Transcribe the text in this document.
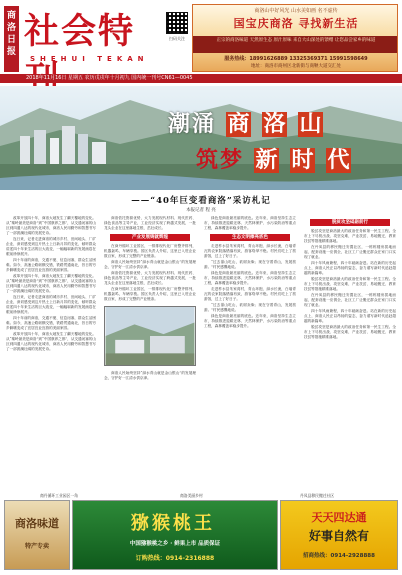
商
洛
日
报 社会特
SHEHUI TEKAN
扫码关注
商洛山中好风光 山水美如画 名不虚传
国宝庆商洛 寻找新生活
正宗的商洛味道 天然原生态 原汁原味 来自大山深处的馈赠 让您品尝家乡的味道
服务热线：18991626889 13325369371 15991598649
地址：商洛市商州区北新街与商鞅大道交汇处
2018年11月16日 星期五 农历戊戌年十月初九 国内统一刊号CN61—0045
潮 涌 商 洛 山
筑 梦 新 时 代
——“40年巨变看商洛”采访札记
本报记者 程 亮

改革开放四十年，商洛大地发生了翻天覆地的变化。从“秦岭最美是商洛”到“中国康养之都”，从交通闭塞的山区到四通八达的现代化城市，商洛人民用勤劳和智慧书写了一部波澜壮阔的发展史诗。

连日来，记者走进商洛的城市乡村、田间地头、厂矿企业，深切感受到这片热土上日新月异的变化，倾听群众讲述四十年来生活的巨大改变，一幅幅崭新的发展画卷在眼前徐徐展开。

四十年前的商洛，交通不便、信息闭塞，群众生活困难。如今，高速公路纵横交错，铁路贯通南北，昔日的穷乡僻壤变成了宜居宜业宜游的美丽家园。

改革开放四十年，商洛大地发生了翻天覆地的变化。从“秦岭最美是商洛”到“中国康养之都”，从交通闭塞的山区到四通八达的现代化城市，商洛人民用勤劳和智慧书写了一部波澜壮阔的发展史诗。

连日来，记者走进商洛的城市乡村、田间地头、厂矿企业，深切感受到这片热土上日新月异的变化，倾听群众讲述四十年来生活的巨大改变，一幅幅崭新的发展画卷在眼前徐徐展开。

四十年前的商洛，交通不便、信息闭塞，群众生活困难。如今，高速公路纵横交错，铁路贯通南北，昔日的穷乡僻壤变成了宜居宜业宜游的美丽家园。

改革开放四十年，商洛大地发生了翻天覆地的变化。从“秦岭最美是商洛”到“中国康养之都”，从交通闭塞的山区到四通八达的现代化城市，商洛人民用勤劳和智慧书写了一部波澜壮阔的发展史诗。

商洛依托资源优势，大力发展现代材料、现代医药、绿色食品等主导产业，工业经济实现了跨越式发展，一批龙头企业在这里落地生根、茁壮成长。

产业发展铸就辉煌

在商丹循环工业园区，一排排现代化厂房整齐排列，机器轰鸣，车辆穿梭。园区负责人介绍，这里已入驻企业数百家，形成了完整的产业链条。

商洛人民始终坚持“绿水青山就是金山银山”的发展理念，守护好一江清水供京津。

商洛依托资源优势，大力发展现代材料、现代医药、绿色食品等主导产业，工业经济实现了跨越式发展，一批龙头企业在这里落地生根、茁壮成长。

在商丹循环工业园区，一排排现代化厂房整齐排列，机器轰鸣，车辆穿梭。园区负责人介绍，这里已入驻企业数百家，形成了完整的产业链条。

商洛人民始终坚持“绿水青山就是金山银山”的发展理念，守护好一江清水供京津。

绿色是商洛最亮丽的底色。近年来，商洛坚持生态立市，持续推进退耕还林、天然林保护、水污染防治等重点工程，森林覆盖率稳步提升。

生态文明擦亮底色

走进柞水县朱家湾村，青山环抱、绿水长流，白墙青瓦的农家院落错落有致，游客络绎不绝。村民们吃上了旅游饭，过上了好日子。

“过去靠山吃山，砍树卖柴；现在守着青山，发展旅游。”村民感慨地说。

绿色是商洛最亮丽的底色。近年来，商洛坚持生态立市，持续推进退耕还林、天然林保护、水污染防治等重点工程，森林覆盖率稳步提升。

走进柞水县朱家湾村，青山环抱、绿水长流，白墙青瓦的农家院落错落有致，游客络绎不绝。村民们吃上了旅游饭，过上了好日子。

“过去靠山吃山，砍树卖柴；现在守着青山，发展旅游。”村民感慨地说。

绿色是商洛最亮丽的底色。近年来，商洛坚持生态立市，持续推进退耕还林、天然林保护、水污染防治等重点工程，森林覆盖率稳步提升。

脱贫攻坚砥砺前行

脱贫攻坚是商洛最大的政治任务和第一民生工程。全市上下尽锐出战、攻坚克难，产业扶贫、易地搬迁、教育扶贫等措施精准落地。

在丹凤县的移民搬迁安置社区，一栋栋楼房拔地而起，配套设施一应俱全，社区工厂让搬迁群众在家门口实现了就业。

四十年风雨兼程，四十年砥砺奋进。站在新的历史起点上，商洛人民正以昂扬的姿态，奋力谱写新时代追赶超越的新篇章。

脱贫攻坚是商洛最大的政治任务和第一民生工程。全市上下尽锐出战、攻坚克难，产业扶贫、易地搬迁、教育扶贫等措施精准落地。

在丹凤县的移民搬迁安置社区，一栋栋楼房拔地而起，配套设施一应俱全，社区工厂让搬迁群众在家门口实现了就业。

四十年风雨兼程，四十年砥砺奋进。站在新的历史起点上，商洛人民正以昂扬的姿态，奋力谱写新时代追赶超越的新篇章。

脱贫攻坚是商洛最大的政治任务和第一民生工程。全市上下尽锐出战、攻坚克难，产业扶贫、易地搬迁、教育扶贫等措施精准落地。

商丹循环工业园区一角	商洛美丽乡村	丹凤县移民搬迁社区
商洛味道
特产专卖
猕猴桃王
中国猕猴桃之乡 · 鲜果上市 品质保证
订购热线：0914-2316888
天天四达通
好事自然有
招商热线：0914-2928888
